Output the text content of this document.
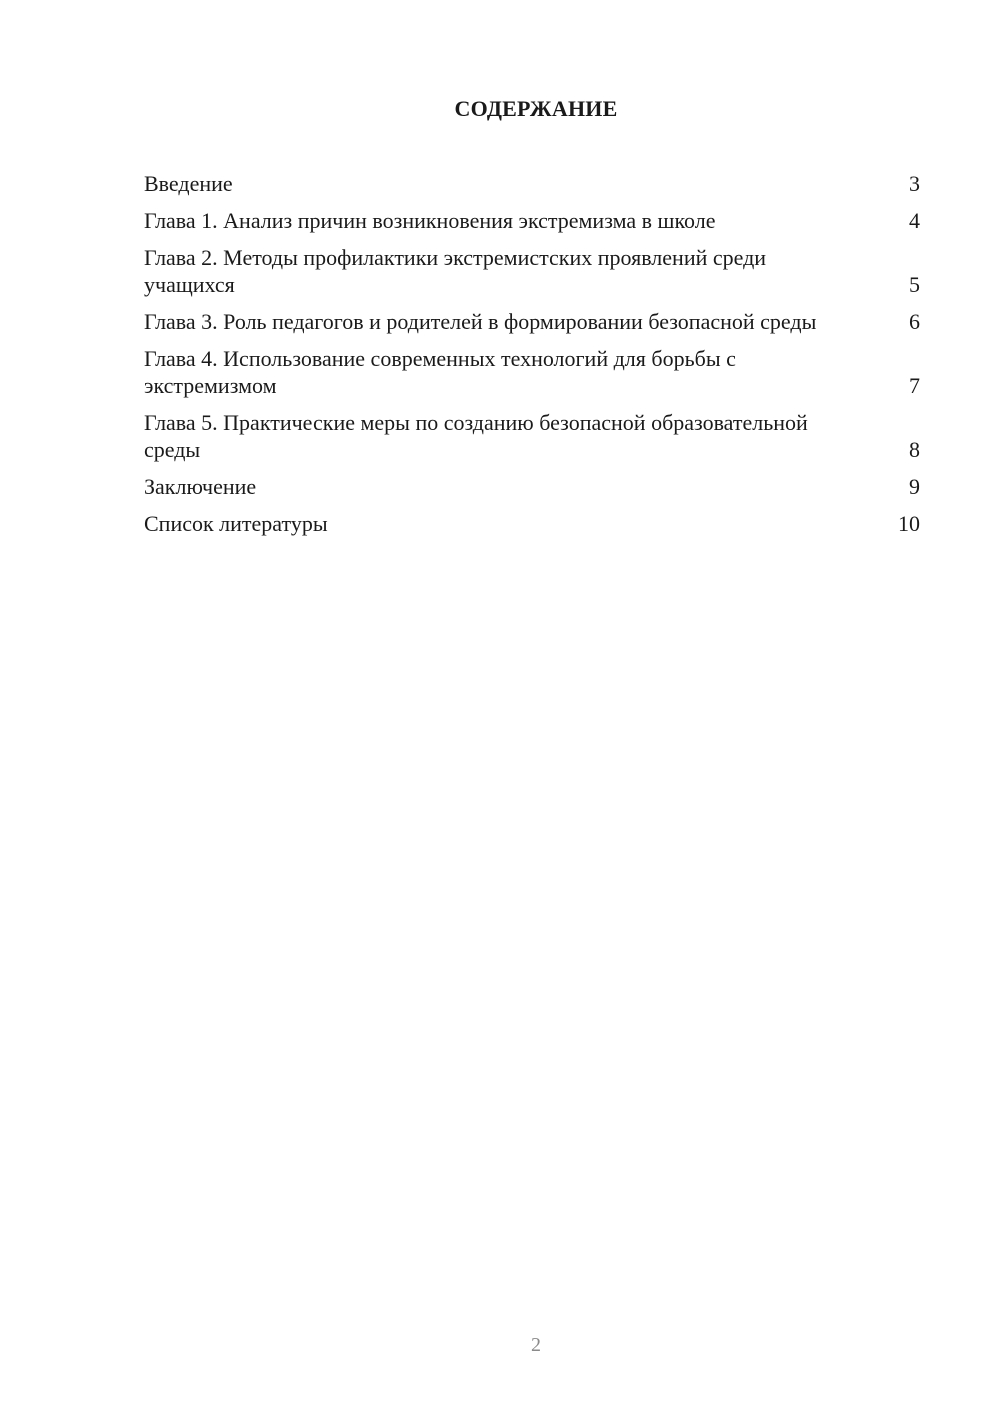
СОДЕРЖАНИЕ
Введение	3
Глава 1. Анализ причин возникновения экстремизма в школе	4
Глава 2. Методы профилактики экстремистских проявлений среди учащихся	5
Глава 3. Роль педагогов и родителей в формировании безопасной среды	6
Глава 4. Использование современных технологий для борьбы с экстремизмом	7
Глава 5. Практические меры по созданию безопасной образовательной среды	8
Заключение	9
Список литературы	10
2
